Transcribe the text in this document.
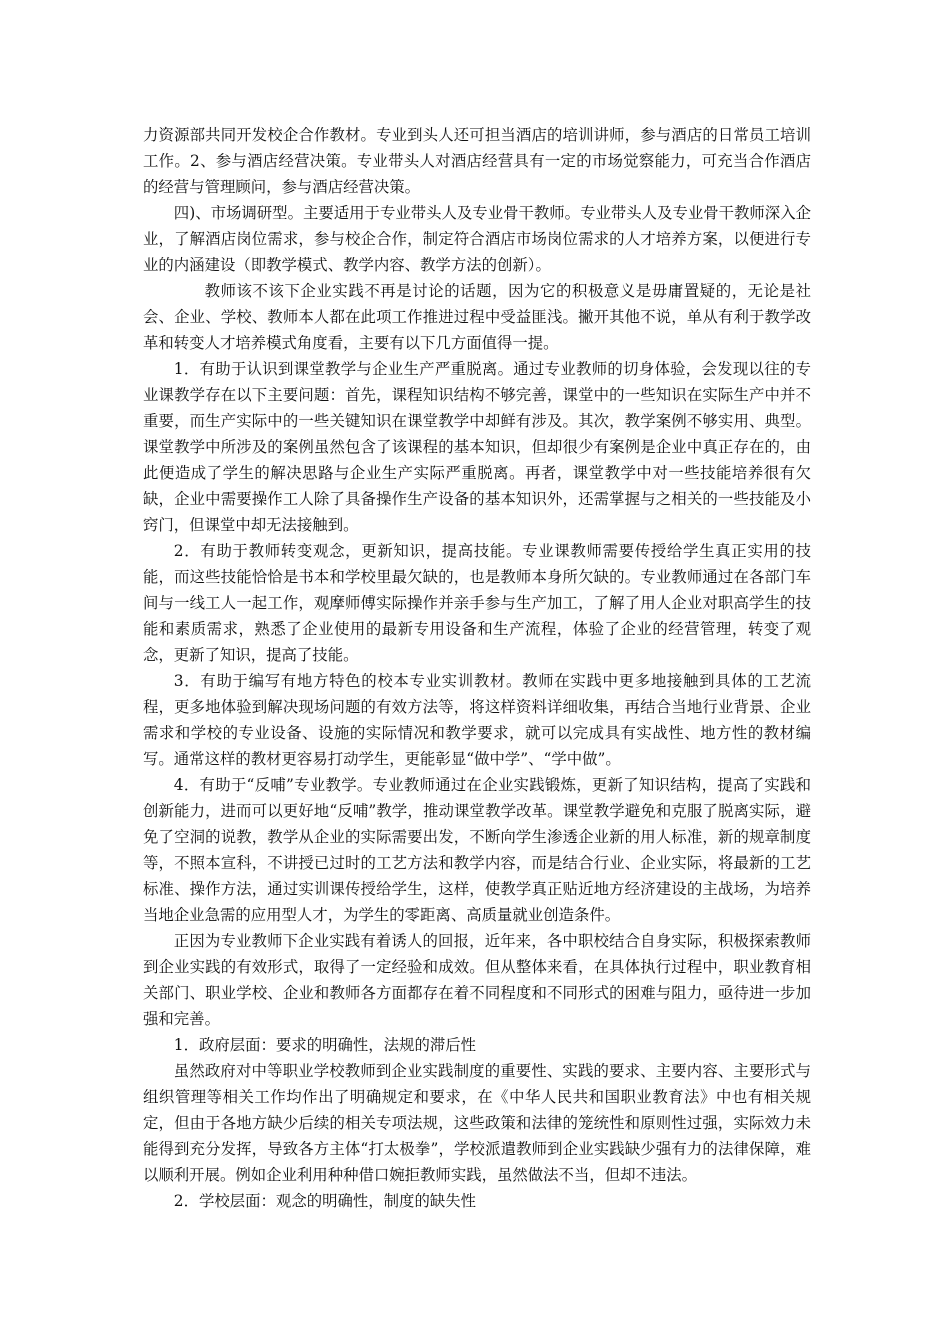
力资源部共同开发校企合作教材。专业到头人还可担当酒店的培训讲师，参与酒店的日常员工培训工作。2、参与酒店经营决策。专业带头人对酒店经营具有一定的市场觉察能力，可充当合作酒店的经营与管理顾问，参与酒店经营决策。

四)、市场调研型。主要适用于专业带头人及专业骨干教师。专业带头人及专业骨干教师深入企业，了解酒店岗位需求，参与校企合作，制定符合酒店市场岗位需求的人才培养方案，以便进行专业的内涵建设（即教学模式、教学内容、教学方法的创新）。

教师该不该下企业实践不再是讨论的话题，因为它的积极意义是毋庸置疑的，无论是社会、企业、学校、教师本人都在此项工作推进过程中受益匪浅。撇开其他不说，单从有利于教学改革和转变人才培养模式角度看，主要有以下几方面值得一提。

1．有助于认识到课堂教学与企业生产严重脱离。通过专业教师的切身体验，会发现以往的专业课教学存在以下主要问题：首先，课程知识结构不够完善，课堂中的一些知识在实际生产中并不重要，而生产实际中的一些关键知识在课堂教学中却鲜有涉及。其次，教学案例不够实用、典型。课堂教学中所涉及的案例虽然包含了该课程的基本知识，但却很少有案例是企业中真正存在的，由此便造成了学生的解决思路与企业生产实际严重脱离。再者，课堂教学中对一些技能培养很有欠缺，企业中需要操作工人除了具备操作生产设备的基本知识外，还需掌握与之相关的一些技能及小窍门，但课堂中却无法接触到。

2．有助于教师转变观念，更新知识，提高技能。专业课教师需要传授给学生真正实用的技能，而这些技能恰恰是书本和学校里最欠缺的，也是教师本身所欠缺的。专业教师通过在各部门车间与一线工人一起工作，观摩师傅实际操作并亲手参与生产加工，了解了用人企业对职高学生的技能和素质需求，熟悉了企业使用的最新专用设备和生产流程，体验了企业的经营管理，转变了观念，更新了知识，提高了技能。

3．有助于编写有地方特色的校本专业实训教材。教师在实践中更多地接触到具体的工艺流程，更多地体验到解决现场问题的有效方法等，将这样资料详细收集，再结合当地行业背景、企业需求和学校的专业设备、设施的实际情况和教学要求，就可以完成具有实战性、地方性的教材编写。通常这样的教材更容易打动学生，更能彰显“做中学”、“学中做”。

4．有助于“反哺”专业教学。专业教师通过在企业实践锻炼，更新了知识结构，提高了实践和创新能力，进而可以更好地“反哺”教学，推动课堂教学改革。课堂教学避免和克服了脱离实际，避免了空洞的说教，教学从企业的实际需要出发，不断向学生渗透企业新的用人标准，新的规章制度等，不照本宣科，不讲授已过时的工艺方法和教学内容，而是结合行业、企业实际，将最新的工艺标准、操作方法，通过实训课传授给学生，这样，使教学真正贴近地方经济建设的主战场，为培养当地企业急需的应用型人才，为学生的零距离、高质量就业创造条件。

正因为专业教师下企业实践有着诱人的回报，近年来，各中职校结合自身实际，积极探索教师到企业实践的有效形式，取得了一定经验和成效。但从整体来看，在具体执行过程中，职业教育相关部门、职业学校、企业和教师各方面都存在着不同程度和不同形式的困难与阻力，亟待进一步加强和完善。

1．政府层面：要求的明确性，法规的滞后性

虽然政府对中等职业学校教师到企业实践制度的重要性、实践的要求、主要内容、主要形式与组织管理等相关工作均作出了明确规定和要求，在《中华人民共和国职业教育法》中也有相关规定，但由于各地方缺少后续的相关专项法规，这些政策和法律的笼统性和原则性过强，实际效力未能得到充分发挥，导致各方主体“打太极拳”，学校派遣教师到企业实践缺少强有力的法律保障，难以顺利开展。例如企业利用种种借口婉拒教师实践，虽然做法不当，但却不违法。

2．学校层面：观念的明确性，制度的缺失性
